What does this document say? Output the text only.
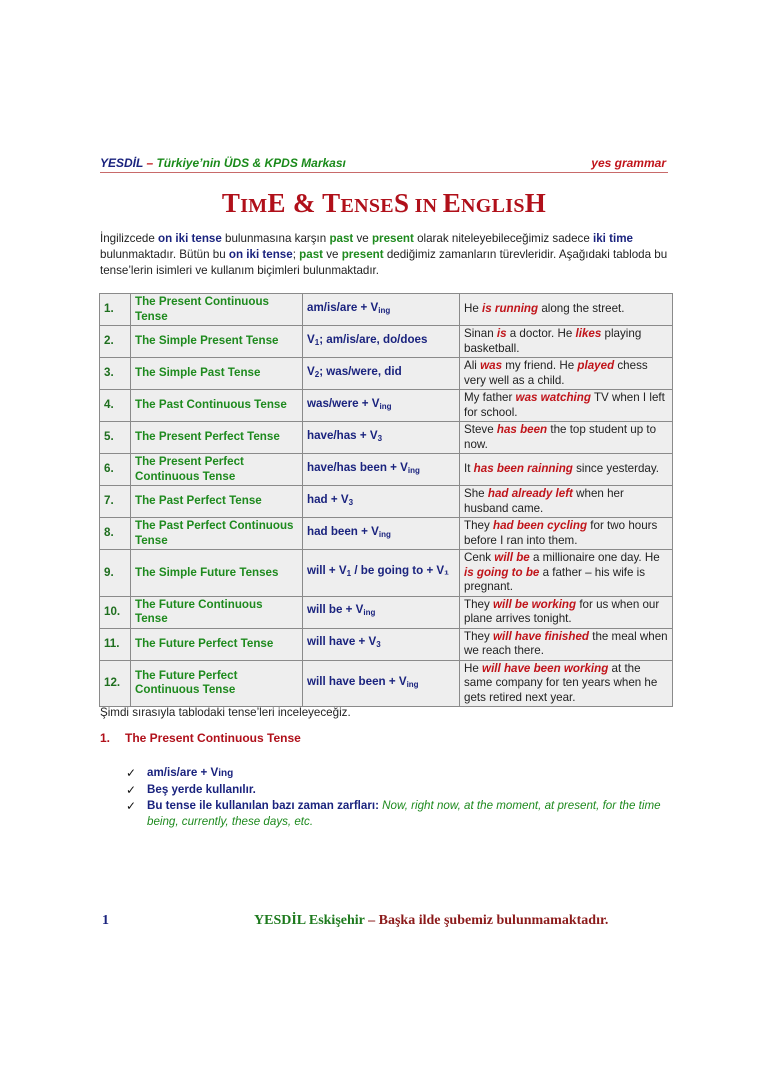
YESDİL – Türkiye’nin ÜDS & KPDS Markası	yes grammar
TIME & TENSES IN ENGLISH
İngilizcede on iki tense bulunmasına karşın past ve present olarak niteleyebileceğimiz sadece iki time bulunmaktadır. Bütün bu on iki tense; past ve present dediğimiz zamanların türevleridir. Aşağıdaki tabloda bu tense’lerin isimleri ve kullanım biçimleri bulunmaktadır.
1.	The Present Continuous Tense	$am/is/are + V_{ing}$	He is running along the street.
2.	The Simple Present Tense	$V_1$; am/is/are, do/does	Sinan is a doctor. He likes playing basketball.
3.	The Simple Past Tense	$V_2$; was/were, did	Ali was my friend. He played chess very well as a child.
4.	The Past Continuous Tense	was/were + $V_{ing}$	My father was watching TV when I left for school.
5.	The Present Perfect Tense	have/has + $V_3$	Steve has been the top student up to now.
6.	The Present Perfect Continuous Tense	have/has been + $V_{ing}$	It has been rainning since yesterday.
7.	The Past Perfect Tense	had + $V_3$	She had already left when her husband came.
8.	The Past Perfect Continuous Tense	had been + $V_{ing}$	They had been cycling for two hours before I ran into them.
9.	The Simple Future Tenses	will + $V_1$ / be going to + V₁	Cenk will be a millionaire one day. He is going to be a father – his wife is pregnant.
10.	The Future Continuous Tense	will be + $V_{ing}$	They will be working for us when our plane arrives tonight.
11.	The Future Perfect Tense	will have + $V_3$	They will have finished the meal when we reach there.
12.	The Future Perfect Continuous Tense	will have been + $V_{ing}$	He will have been working at the same company for ten years when he gets retired next year.
Şimdi sırasıyla tablodaki tense’leri inceleyeceğiz.
1. The Present Continuous Tense
✓ am/is/are + Ving
✓ Beş yerde kullanılır.
✓ Bu tense ile kullanılan bazı zaman zarfları: Now, right now, at the moment, at present, for the time being, currently, these days, etc.
1	YESDİL Eskişehir – Başka ilde şubemiz bulunmamaktadır.
